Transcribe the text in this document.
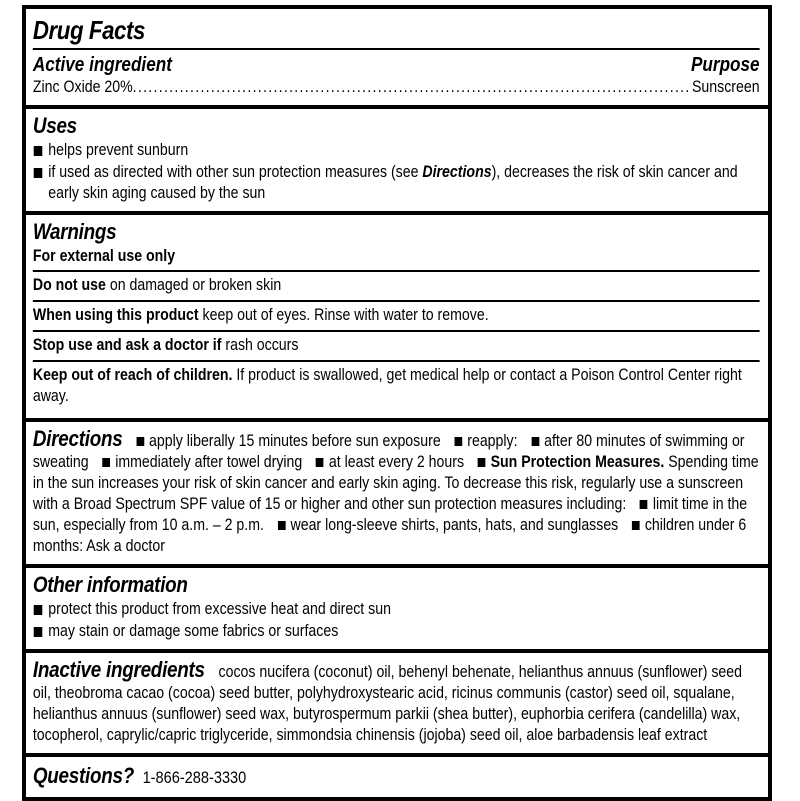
Drug Facts
Active ingredient	Purpose
Zinc Oxide 20% .....	Sunscreen
Uses
helps prevent sunburn
if used as directed with other sun protection measures (see Directions), decreases the risk of skin cancer and early skin aging caused by the sun
Warnings
For external use only
Do not use on damaged or broken skin
When using this product keep out of eyes. Rinse with water to remove.
Stop use and ask a doctor if rash occurs
Keep out of reach of children. If product is swallowed, get medical help or contact a Poison Control Center right away.

Directions apply liberally 15 minutes before sun exposure reapply: after 80 minutes of swimming or sweating immediately after towel drying at least every 2 hours Sun Protection Measures. Spending time in the sun increases your risk of skin cancer and early skin aging. To decrease this risk, regularly use a sunscreen with a Broad Spectrum SPF value of 15 or higher and other sun protection measures including: limit time in the sun, especially from 10 a.m. – 2 p.m. wear long-sleeve shirts, pants, hats, and sunglasses children under 6 months: Ask a doctor

Other information
protect this product from excessive heat and direct sun
may stain or damage some fabrics or surfaces

Inactive ingredients cocos nucifera (coconut) oil, behenyl behenate, helianthus annuus (sunflower) seed oil, theobroma cacao (cocoa) seed butter, polyhydroxystearic acid, ricinus communis (castor) seed oil, squalane, helianthus annuus (sunflower) seed wax, butyrospermum parkii (shea butter), euphorbia cerifera (candelilla) wax, tocopherol, caprylic/capric triglyceride, simmondsia chinensis (jojoba) seed oil, aloe barbadensis leaf extract

Questions? 1-866-288-3330
